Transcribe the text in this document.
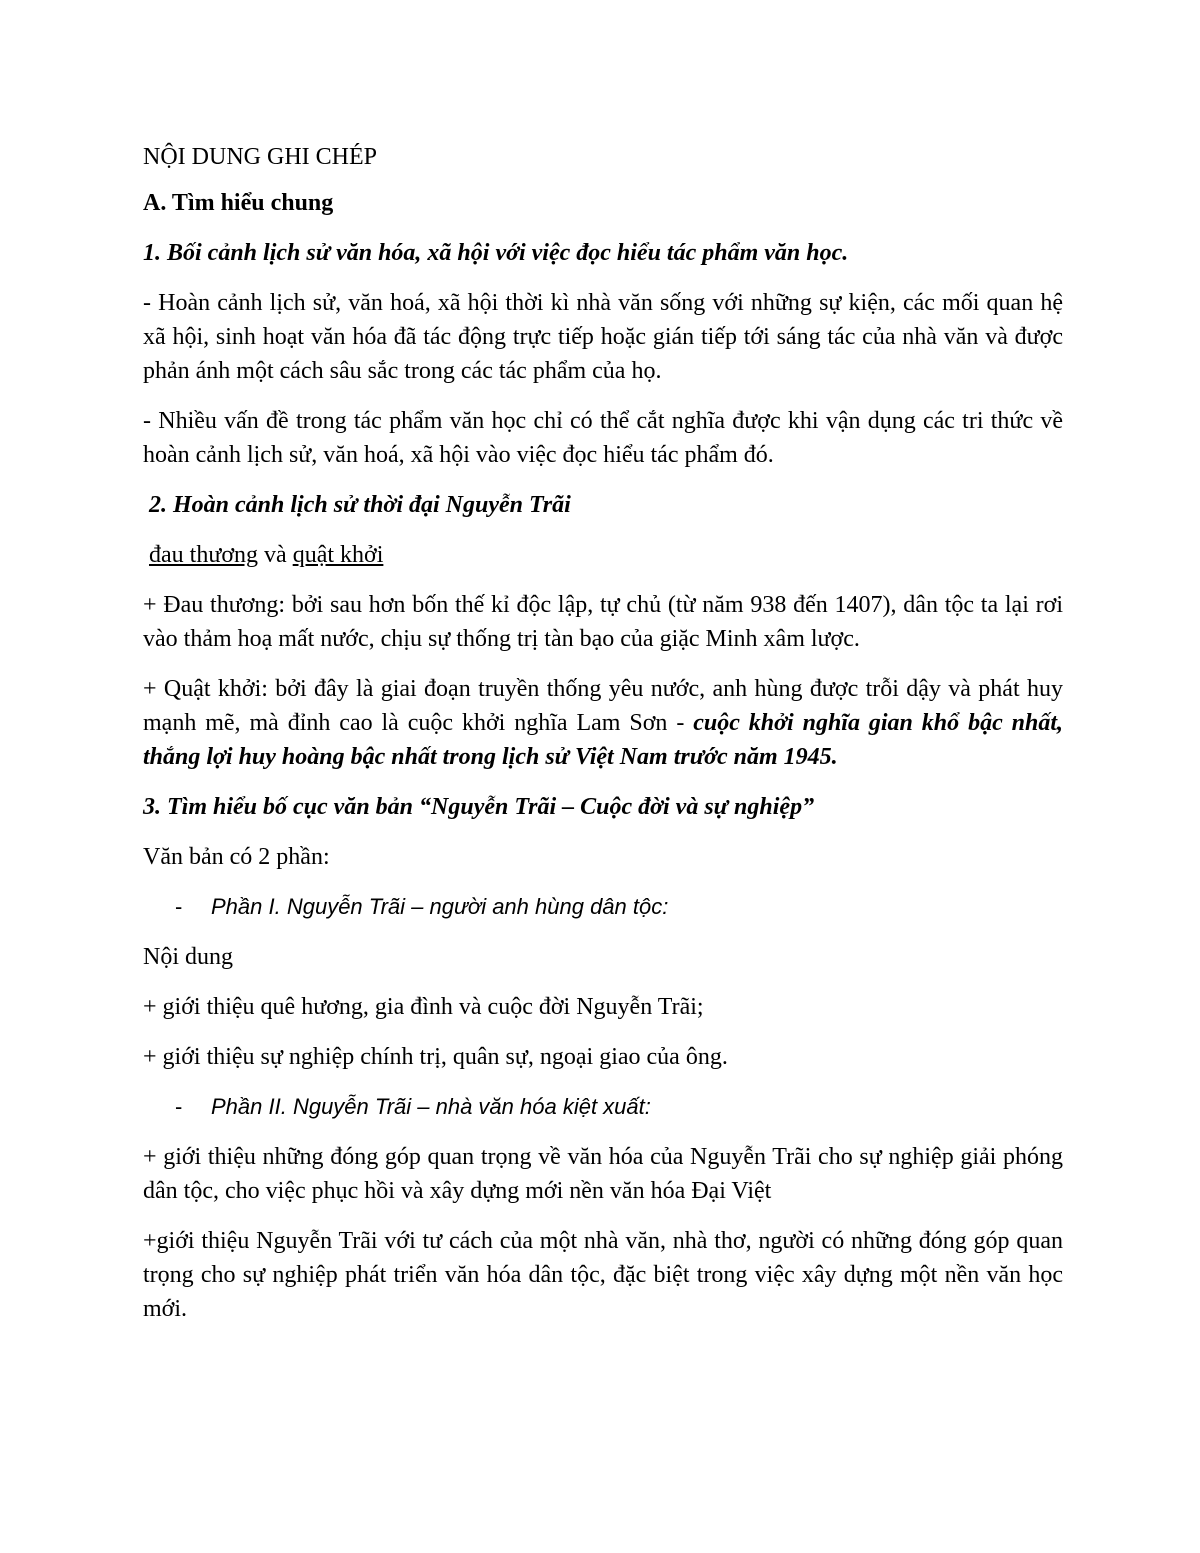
NỘI DUNG GHI CHÉP

A. Tìm hiểu chung

1. Bối cảnh lịch sử văn hóa, xã hội với việc đọc hiểu tác phẩm văn học.

- Hoàn cảnh lịch sử, văn hoá, xã hội thời kì nhà văn sống với những sự kiện, các mối quan hệ xã hội, sinh hoạt văn hóa đã tác động trực tiếp hoặc gián tiếp tới sáng tác của nhà văn và được phản ánh một cách sâu sắc trong các tác phẩm của họ.

- Nhiều vấn đề trong tác phẩm văn học chỉ có thể cắt nghĩa được khi vận dụng các tri thức về hoàn cảnh lịch sử, văn hoá, xã hội vào việc đọc hiểu tác phẩm đó.

2. Hoàn cảnh lịch sử thời đại Nguyễn Trãi

đau thương và quật khởi

+ Đau thương: bởi sau hơn bốn thế kỉ độc lập, tự chủ (từ năm 938 đến 1407), dân tộc ta lại rơi vào thảm hoạ mất nước, chịu sự thống trị tàn bạo của giặc Minh xâm lược.

+ Quật khởi: bởi đây là giai đoạn truyền thống yêu nước, anh hùng được trỗi dậy và phát huy mạnh mẽ, mà đỉnh cao là cuộc khởi nghĩa Lam Sơn - cuộc khởi nghĩa gian khổ bậc nhất, thắng lợi huy hoàng bậc nhất trong lịch sử Việt Nam trước năm 1945.

3. Tìm hiểu bố cục văn bản “Nguyễn Trãi – Cuộc đời và sự nghiệp”

Văn bản có 2 phần:

- Phần I. Nguyễn Trãi – người anh hùng dân tộc:

Nội dung

+ giới thiệu quê hương, gia đình và cuộc đời Nguyễn Trãi;

+ giới thiệu sự nghiệp chính trị, quân sự, ngoại giao của ông.

- Phần II. Nguyễn Trãi – nhà văn hóa kiệt xuất:

+ giới thiệu những đóng góp quan trọng về văn hóa của Nguyễn Trãi cho sự nghiệp giải phóng dân tộc, cho việc phục hồi và xây dựng mới nền văn hóa Đại Việt

+giới thiệu Nguyễn Trãi với tư cách của một nhà văn, nhà thơ, người có những đóng góp quan trọng cho sự nghiệp phát triển văn hóa dân tộc, đặc biệt trong việc xây dựng một nền văn học mới.
